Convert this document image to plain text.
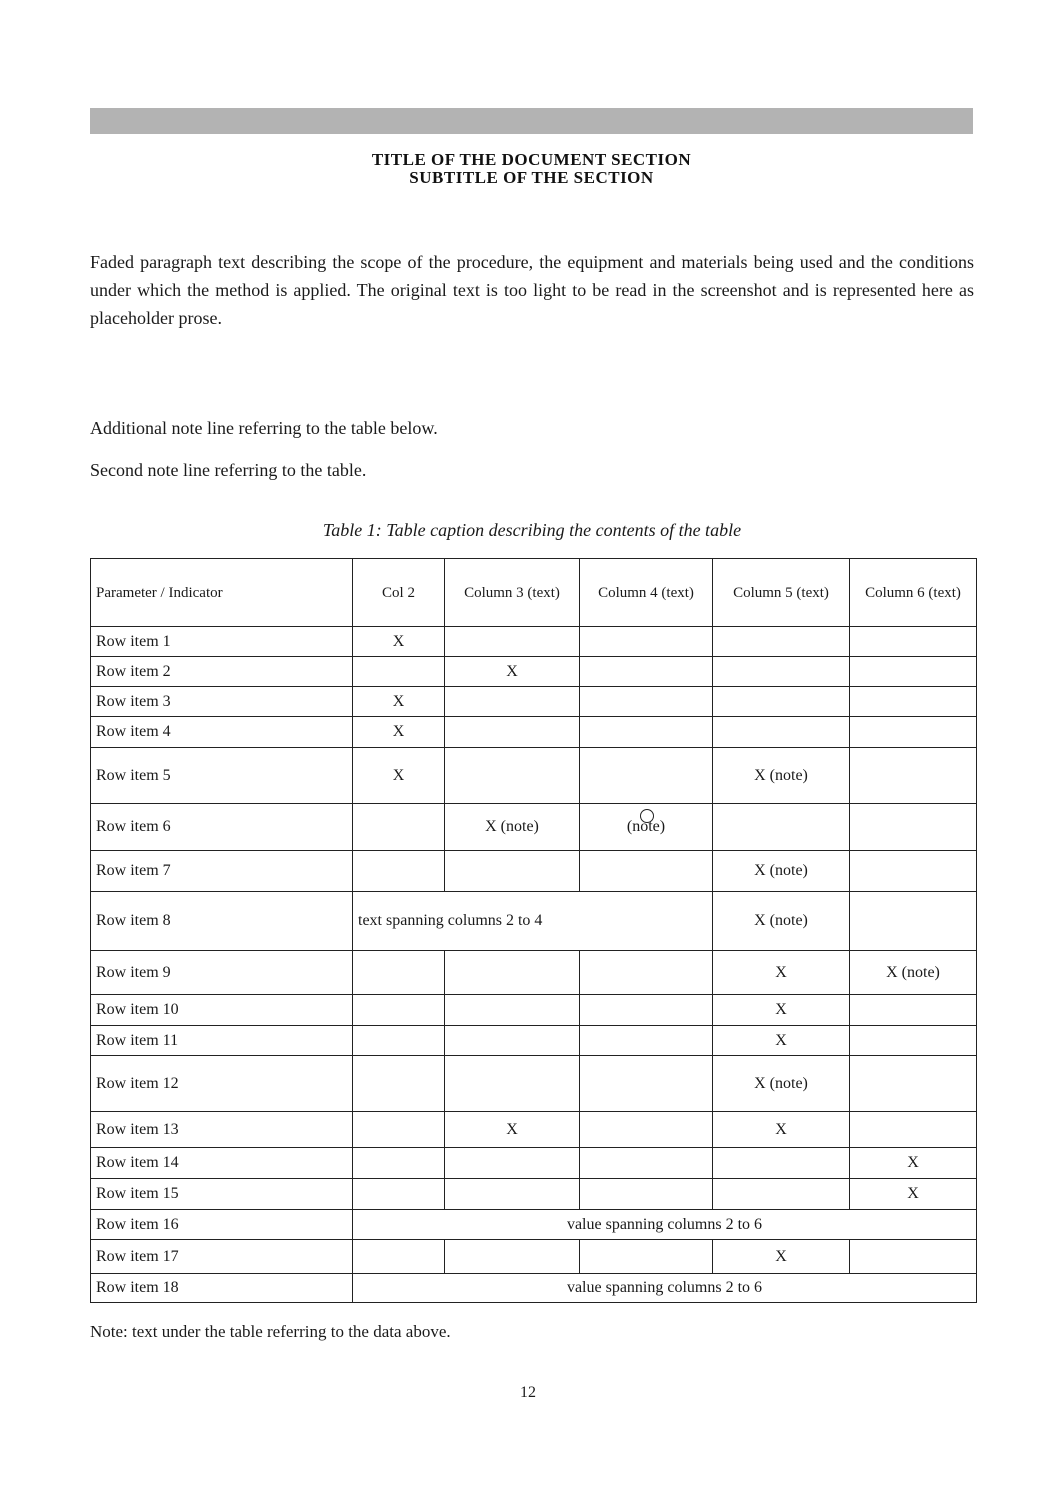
TITLE OF THE DOCUMENT SECTION
SUBTITLE OF THE SECTION
Faded paragraph text describing the scope of the procedure, the equipment and materials being used and the conditions under which the method is applied. The original text is too light to be read in the screenshot and is represented here as placeholder prose.
Additional note line referring to the table below.
Second note line referring to the table.
Table 1: Table caption describing the contents of the table
Parameter / Indicator	Col 2	Column 3 (text)	Column 4 (text)	Column 5 (text)	Column 6 (text)
Row item 1	X				
Row item 2		X			
Row item 3	X				
Row item 4	X				
Row item 5	X			X (note)	
Row item 6		X (note)	(note)		
Row item 7				X (note)	
Row item 8	text spanning columns 2 to 4			X (note)	
Row item 9				X	X (note)
Row item 10				X	
Row item 11				X	
Row item 12				X (note)	
Row item 13		X		X	
Row item 14					X
Row item 15					X
Row item 16	value spanning columns 2 to 6				
Row item 17				X	
Row item 18	value spanning columns 2 to 6				
Note: text under the table referring to the data above.
12
